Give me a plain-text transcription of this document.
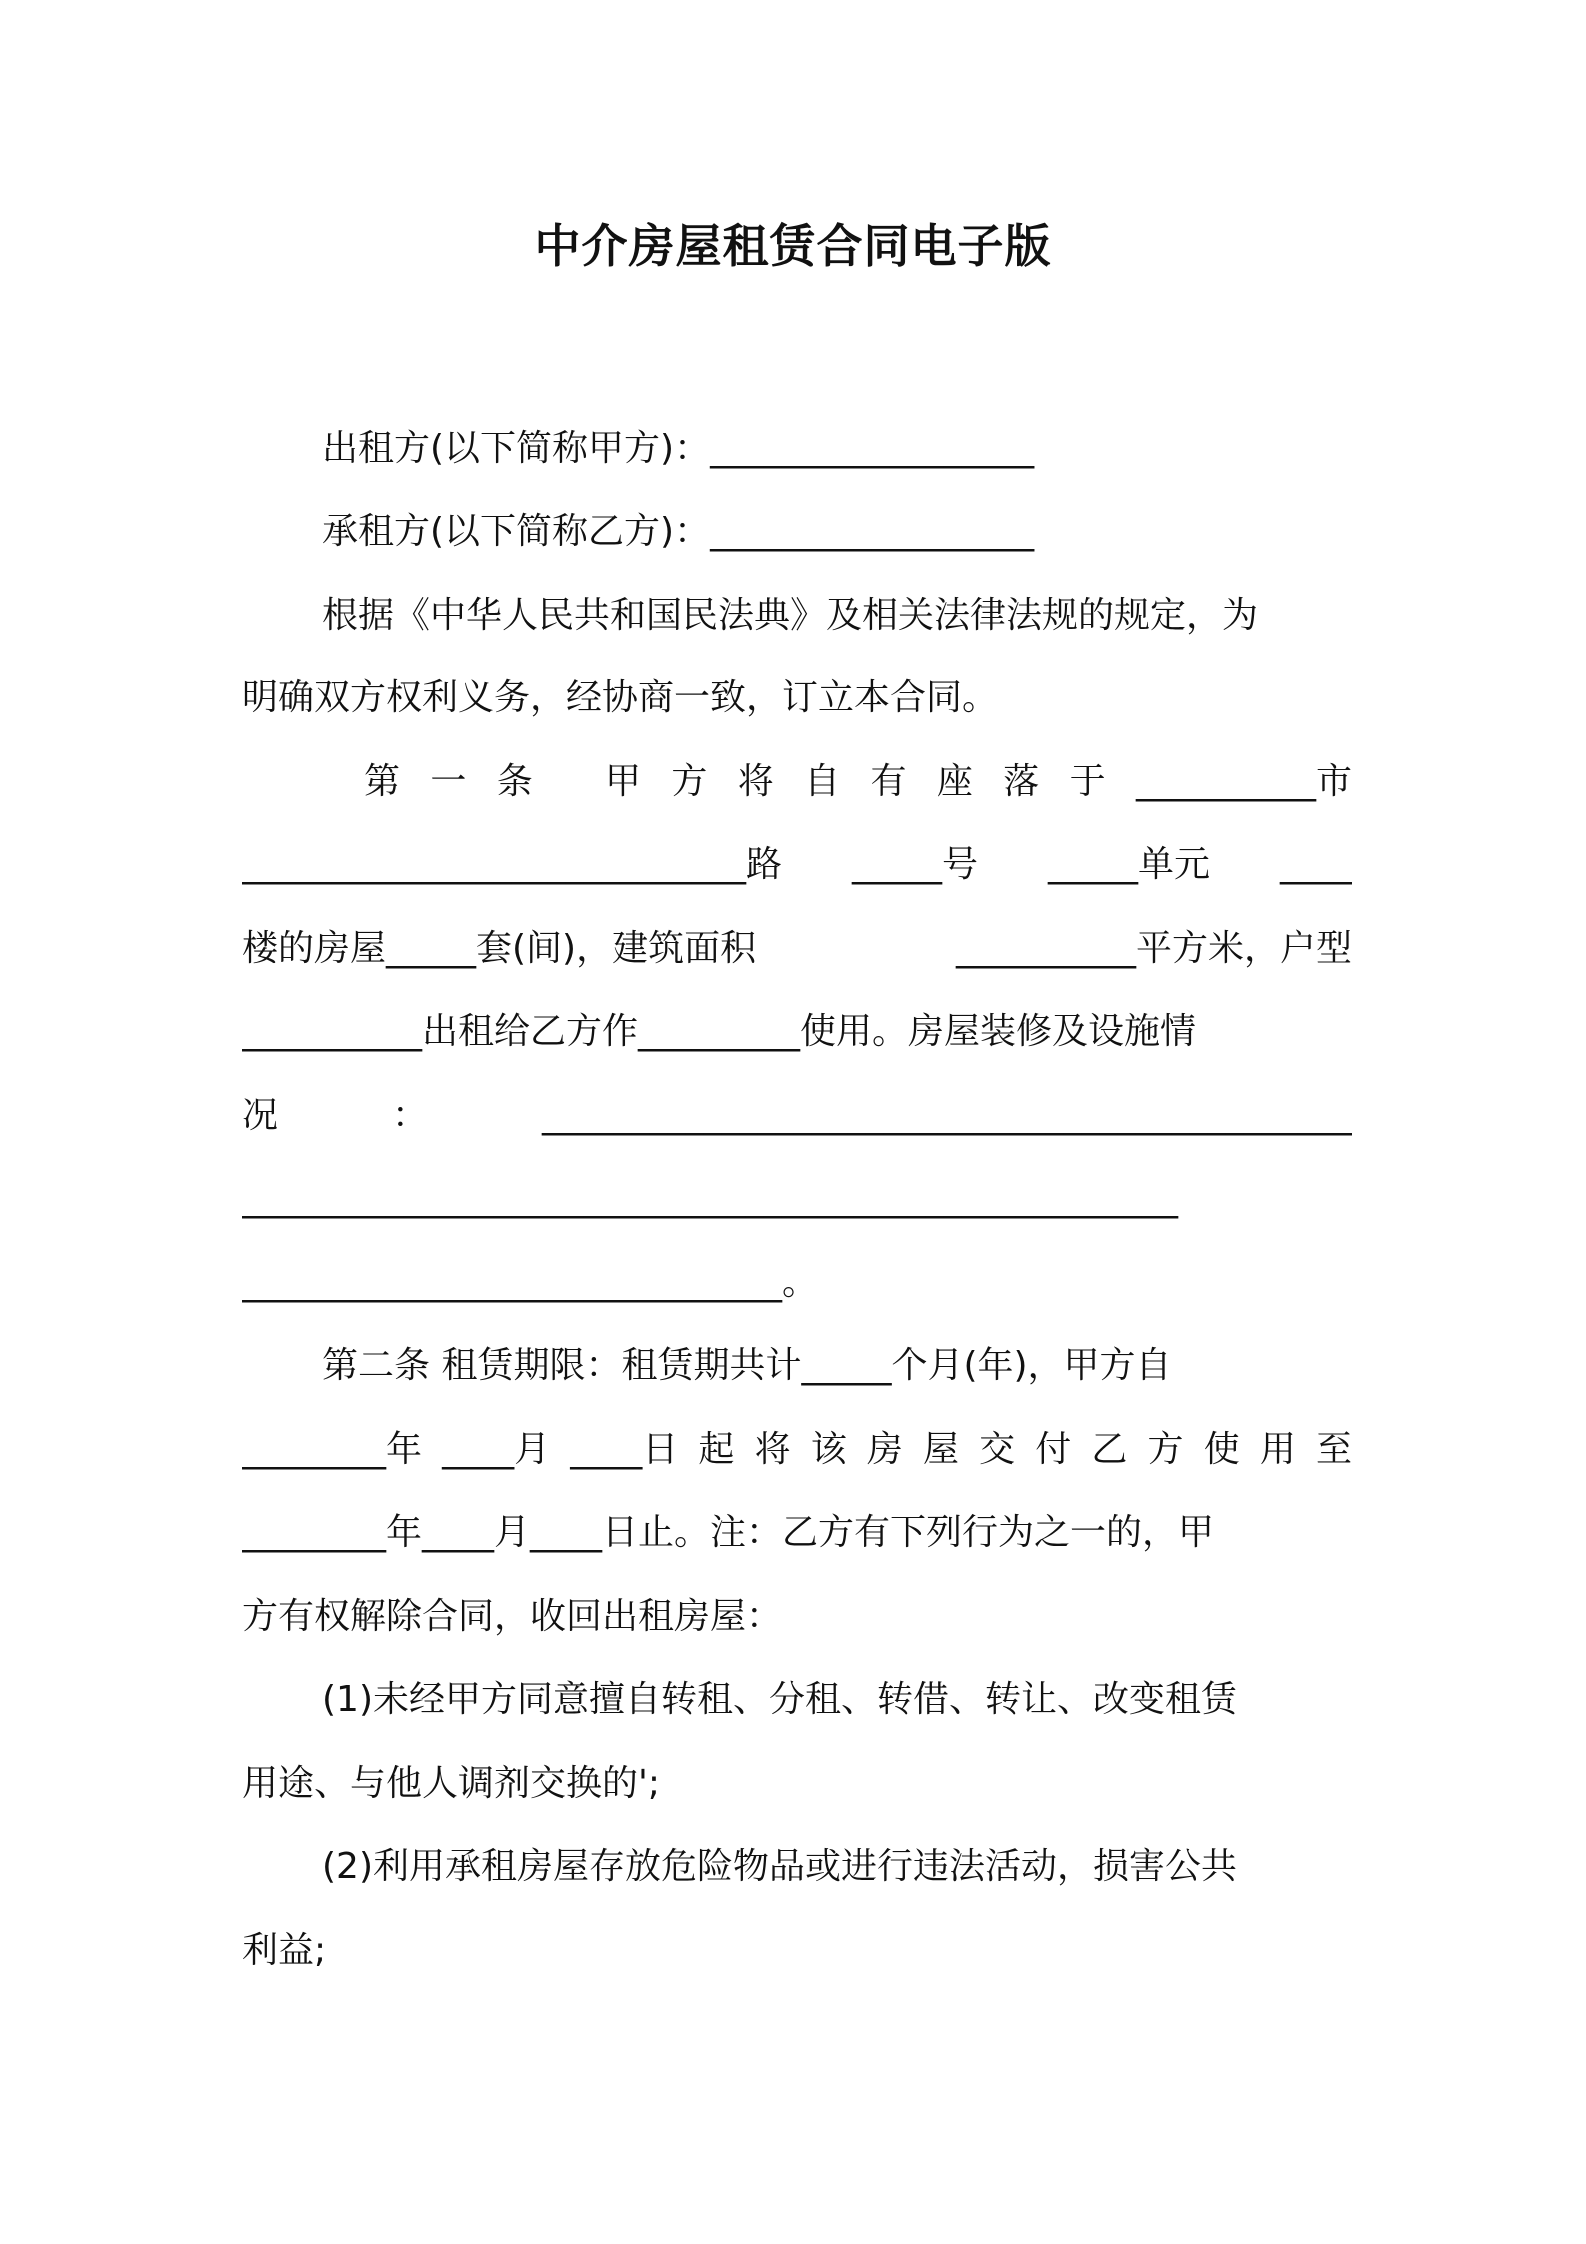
中介房屋租赁合同电子版
出租方(以下简称甲方)：__________________
承租方(以下简称乙方)：__________________
根据《中华人民共和国民法典》及相关法律法规的规定，为
明确双方权利义务，经协商一致，订立本合同。
第 一 条
甲 方 将 自 有 座 落 于 __________市
____________________________路 _____号 _____单元 ____
楼的房屋_____套(间)，建筑面积	__________平方米，户型
__________出租给乙方作_________使用。房屋装修及设施情
况	：	_____________________________________________
____________________________________________________
______________________________。
第二条 租赁期限：租赁期共计_____个月(年)，甲方自
________年 ____月 ____日 起 将 该 房 屋 交 付 乙 方 使 用 至
________年____月____日止。注：乙方有下列行为之一的，甲
方有权解除合同，收回出租房屋：
(1)未经甲方同意擅自转租、分租、转借、转让、改变租赁
用途、与他人调剂交换的';
(2)利用承租房屋存放危险物品或进行违法活动，损害公共
利益;
